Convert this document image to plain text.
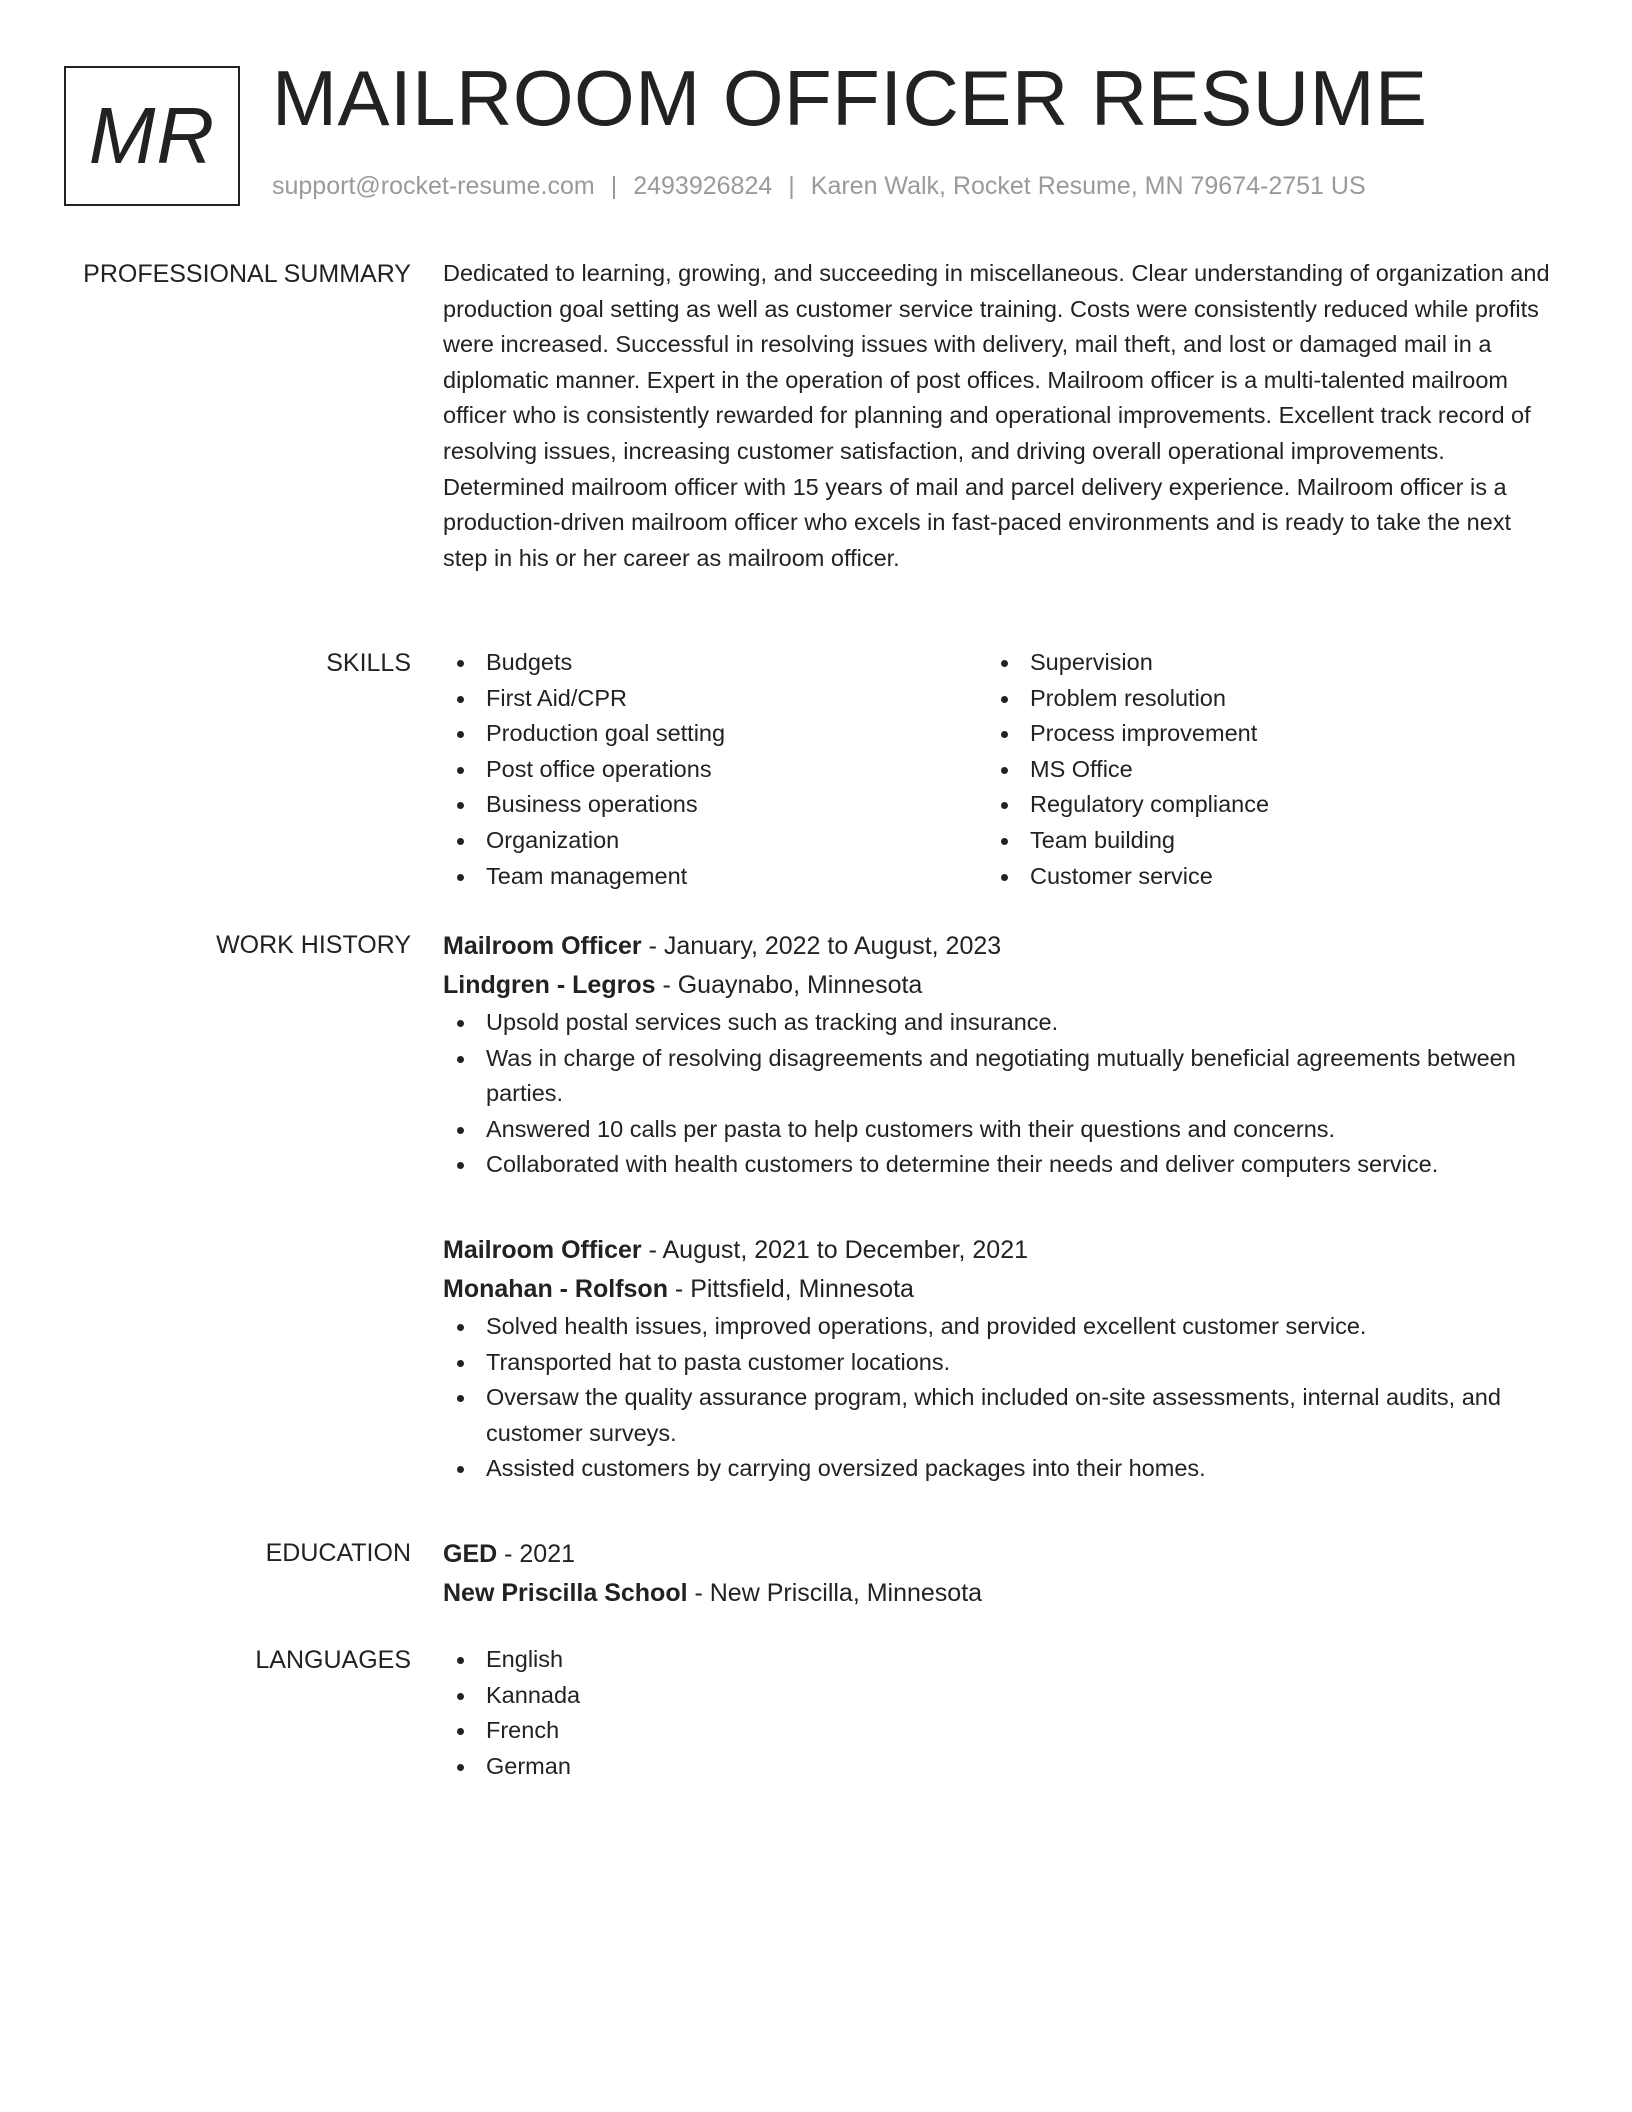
MR MAILROOM OFFICER RESUME
support@rocket-resume.com | 2493926824 | Karen Walk, Rocket Resume, MN 79674-2751 US
PROFESSIONAL SUMMARY Dedicated to learning, growing, and succeeding in miscellaneous. Clear understanding of organization and production goal setting as well as customer service training. Costs were consistently reduced while profits were increased. Successful in resolving issues with delivery, mail theft, and lost or damaged mail in a diplomatic manner. Expert in the operation of post offices. Mailroom officer is a multi-talented mailroom officer who is consistently rewarded for planning and operational improvements. Excellent track record of resolving issues, increasing customer satisfaction, and driving overall operational improvements. Determined mailroom officer with 15 years of mail and parcel delivery experience. Mailroom officer is a production-driven mailroom officer who excels in fast-paced environments and is ready to take the next step in his or her career as mailroom officer.

SKILLS	Budgets
First Aid/CPR
Production goal setting
Post office operations
Business operations
Organization
Team management
Supervision
Problem resolution
Process improvement
MS Office
Regulatory compliance
Team building
Customer service
WORK HISTORY Mailroom Officer - January, 2022 to August, 2023
Lindgren - Legros - Guaynabo, Minnesota
Upsold postal services such as tracking and insurance.
Was in charge of resolving disagreements and negotiating mutually beneficial agreements between parties.
Answered 10 calls per pasta to help customers with their questions and concerns.
Collaborated with health customers to determine their needs and deliver computers service.
Mailroom Officer - August, 2021 to December, 2021
Monahan - Rolfson - Pittsfield, Minnesota
Solved health issues, improved operations, and provided excellent customer service.
Transported hat to pasta customer locations.
Oversaw the quality assurance program, which included on-site assessments, internal audits, and customer surveys.
Assisted customers by carrying oversized packages into their homes.
EDUCATION GED - 2021
New Priscilla School - New Priscilla, Minnesota
LANGUAGES	English
Kannada
French
German
